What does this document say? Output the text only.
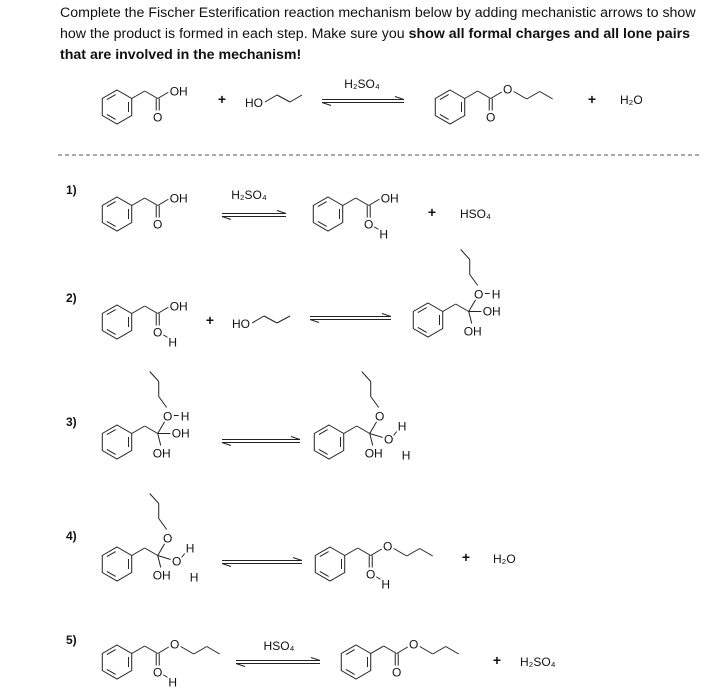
Complete the Fischer Esterification reaction mechanism below by adding mechanistic arrows to show how the product is formed in each step. Make sure you show all formal charges and all lone pairs that are involved in the mechanism!

OH
O
+ HO
H₂SO₄	O
O
+ H₂O
1)
OH
O
H₂SO₄	OH
O
H
+ HSO₄
2)
OH
O
H
+ HO
O H
OH
OH
3)	O H
OH
OH
O
O
H
H
OH
4)	O
O
H
H
OH
O
O
H
+ H₂O
5)	O
O
H
HSO₄	O
O
+ H₂SO₄
